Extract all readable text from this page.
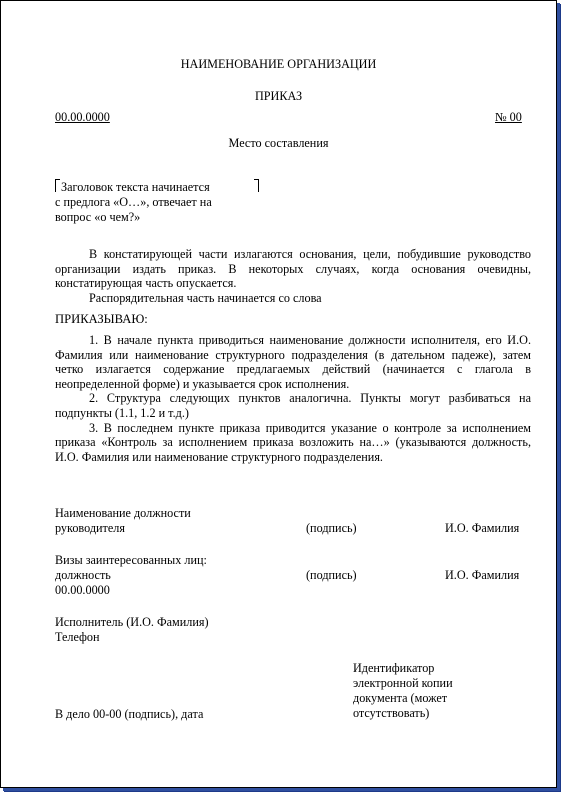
НАИМЕНОВАНИЕ ОРГАНИЗАЦИИ
ПРИКАЗ
00.00.0000	№ 00
Место составления
Заголовок текста начинается
с предлога «О…», отвечает на
вопрос «о чем?»

В констатирующей части излагаются основания, цели, побудившие руководство организации издать приказ. В некоторых случаях, когда основания очевидны, констатирующая часть опускается.

Распорядительная часть начинается со слова

ПРИКАЗЫВАЮ:

1. В начале пункта приводиться наименование должности исполнителя, его И.О. Фамилия или наименование структурного подразделения (в дательном падеже), затем четко излагается содержание предлагаемых действий (начинается с глагола в неопределенной форме) и указывается срок исполнения.

2. Структура следующих пунктов аналогична. Пункты могут разбиваться на подпункты (1.1, 1.2 и т.д.)

3. В последнем пункте приказа приводится указание о контроле за исполнением приказа «Контроль за исполнением приказа возложить на…» (указываются должность, И.О. Фамилия или наименование структурного подразделения.

Наименование должности
руководителя	(подпись)	И.О. Фамилия
Визы заинтересованных лиц:
должность	(подпись)	И.О. Фамилия
00.00.0000
Исполнитель (И.О. Фамилия)
Телефон
Идентификатор
электронной копии
документа (может
отсутствовать)
В дело 00-00 (подпись), дата
